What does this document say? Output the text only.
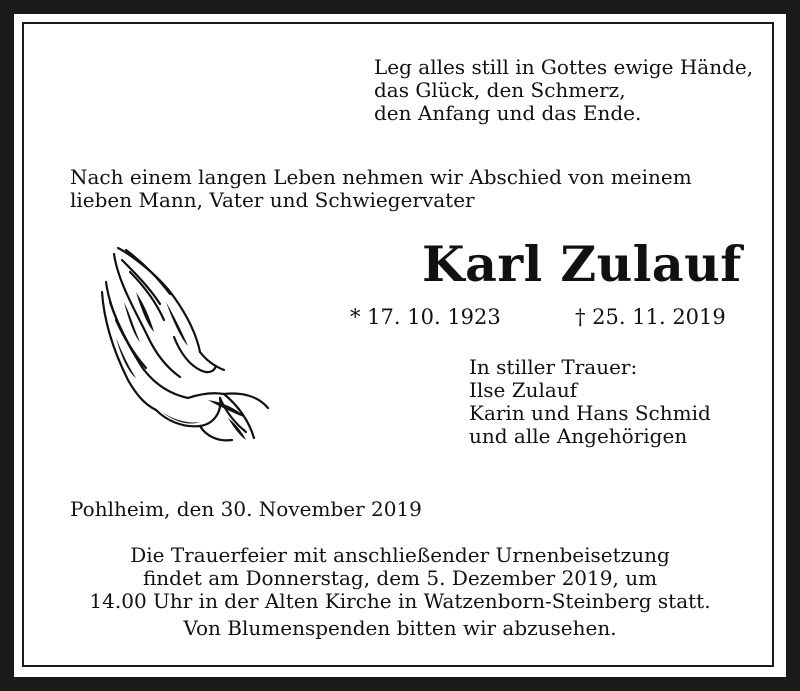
Leg alles still in Gottes ewige Hände,
das Glück, den Schmerz,
den Anfang und das Ende.
Nach einem langen Leben nehmen wir Abschied von meinem
lieben Mann, Vater und Schwiegervater
Karl Zulauf
* 17. 10. 1923	† 25. 11. 2019
In stiller Trauer:
Ilse Zulauf
Karin und Hans Schmid
und alle Angehörigen
Pohlheim, den 30. November 2019
Die Trauerfeier mit anschließender Urnenbeisetzung
findet am Donnerstag, dem 5. Dezember 2019, um
14.00 Uhr in der Alten Kirche in Watzenborn-Steinberg statt.
Von Blumenspenden bitten wir abzusehen.
